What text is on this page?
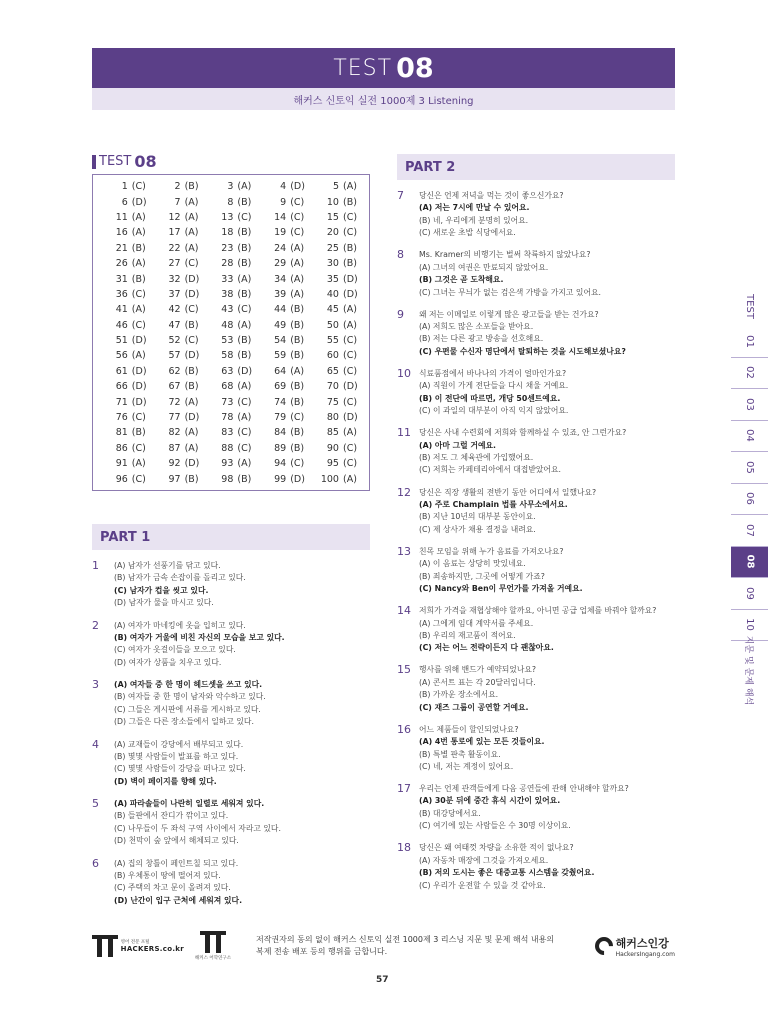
TEST 08
해커스 신토익 실전 1000제 3 Listening
TEST 08
1 (C)	2 (B)	3 (A)	4 (D)	5 (A)
6 (D)	7 (A)	8 (B)	9 (C)	10 (B)
11 (A)	12 (A)	13 (C)	14 (C)	15 (C)
16 (A)	17 (A)	18 (B)	19 (C)	20 (C)
21 (B)	22 (A)	23 (B)	24 (A)	25 (B)
26 (A)	27 (C)	28 (B)	29 (A)	30 (B)
31 (B)	32 (D)	33 (A)	34 (A)	35 (D)
36 (C)	37 (D)	38 (B)	39 (A)	40 (D)
41 (A)	42 (C)	43 (C)	44 (B)	45 (A)
46 (C)	47 (B)	48 (A)	49 (B)	50 (A)
51 (D)	52 (C)	53 (B)	54 (B)	55 (C)
56 (A)	57 (D)	58 (B)	59 (B)	60 (C)
61 (D)	62 (B)	63 (D)	64 (A)	65 (C)
66 (D)	67 (B)	68 (A)	69 (B)	70 (D)
71 (D)	72 (A)	73 (C)	74 (B)	75 (C)
76 (C)	77 (D)	78 (A)	79 (C)	80 (D)
81 (B)	82 (A)	83 (C)	84 (B)	85 (A)
86 (C)	87 (A)	88 (C)	89 (B)	90 (C)
91 (A)	92 (D)	93 (A)	94 (C)	95 (C)
96 (C)	97 (B)	98 (B)	99 (D)	100 (A)
PART 2
PART 1
1 (A) 남자가 선풍기를 닦고 있다.
(B) 남자가 금속 손잡이를 돌리고 있다.
(C) 남자가 컵을 씻고 있다.
(D) 남자가 물을 마시고 있다.
2 (A) 여자가 마네킹에 옷을 입히고 있다.
(B) 여자가 거울에 비친 자신의 모습을 보고 있다.
(C) 여자가 옷걸이들을 모으고 있다.
(D) 여자가 상품을 치우고 있다.
3 (A) 여자들 중 한 명이 헤드셋을 쓰고 있다.
(B) 여자들 중 한 명이 남자와 악수하고 있다.
(C) 그들은 게시판에 서류를 게시하고 있다.
(D) 그들은 다른 장소들에서 일하고 있다.
4 (A) 교재들이 강당에서 배부되고 있다.
(B) 몇몇 사람들이 발표를 하고 있다.
(C) 몇몇 사람들이 강당을 떠나고 있다.
(D) 벽이 페이지를 향해 있다.
5 (A) 파라솔들이 나란히 일렬로 세워져 있다.
(B) 들판에서 잔디가 깎이고 있다.
(C) 나무들이 두 좌석 구역 사이에서 자라고 있다.
(D) 천막이 숲 앞에서 해체되고 있다.
6 (A) 집의 창틀이 페인트칠 되고 있다.
(B) 우체통이 땅에 떨어져 있다.
(C) 주택의 차고 문이 올려져 있다.
(D) 난간이 입구 근처에 세워져 있다.
7 당신은 언제 저녁을 먹는 것이 좋으신가요?
(A) 저는 7시에 만날 수 있어요.
(B) 네, 우리에게 분명히 있어요.
(C) 새로운 초밥 식당에서요.
8 Ms. Kramer의 비행기는 벌써 착륙하지 않았나요?
(A) 그녀의 여권은 만료되지 않았어요.
(B) 그것은 곧 도착해요.
(C) 그녀는 무늬가 없는 검은색 가방을 가지고 있어요.
9 왜 저는 이메일로 이렇게 많은 광고들을 받는 건가요?
(A) 저희도 많은 소포들을 받아요.
(B) 저는 다른 광고 방송을 선호해요.
(C) 우편물 수신자 명단에서 탈퇴하는 것을 시도해보셨나요?
10 식료품점에서 바나나의 가격이 얼마인가요?
(A) 직원이 가게 전단들을 다시 채울 거예요.
(B) 이 전단에 따르면, 개당 50센트예요.
(C) 이 과일의 대부분이 아직 익지 않았어요.
11 당신은 사내 수련회에 저희와 함께하실 수 있죠, 안 그런가요?
(A) 아마 그럴 거예요.
(B) 저도 그 체육관에 가입했어요.
(C) 저희는 카페테리아에서 대접받았어요.
12 당신은 직장 생활의 전반기 동안 어디에서 일했나요?
(A) 주로 Champlain 법률 사무소에서요.
(B) 지난 10년의 대부분 동안이요.
(C) 제 상사가 채용 결정을 내려요.
13 친목 모임을 위해 누가 음료를 가져오나요?
(A) 이 음료는 상당히 맛있네요.
(B) 죄송하지만, 그곳에 어떻게 가죠?
(C) Nancy와 Ben이 무언가를 가져올 거예요.
14 저희가 가격을 재협상해야 할까요, 아니면 공급 업체를 바꿔야 할까요?
(A) 그에게 임대 계약서를 주세요.
(B) 우리의 재고품이 적어요.
(C) 저는 어느 전략이든지 다 괜찮아요.
15 행사를 위해 밴드가 예약되었나요?
(A) 콘서트 표는 각 20달러입니다.
(B) 가까운 장소에서요.
(C) 재즈 그룹이 공연할 거예요.
16 어느 제품들이 할인되었나요?
(A) 4번 통로에 있는 모든 것들이요.
(B) 특별 판촉 활동이요.
(C) 네, 저는 계정이 있어요.
17 우리는 언제 관객들에게 다음 공연들에 관해 안내해야 할까요?
(A) 30분 뒤에 중간 휴식 시간이 있어요.
(B) 대강당에서요.
(C) 여기에 있는 사람들은 수 30명 이상이요.
18 당신은 왜 여태껏 차량을 소유한 적이 없나요?
(A) 자동차 매장에 그것을 가져오세요.
(B) 저의 도시는 좋은 대중교통 시스템을 갖췄어요.
(C) 우리가 운전할 수 있을 것 같아요.
TEST
01
02
03
04
05
06
07
08
09
10
지문 및 문제 해석
영어 전문 포털
HACKERS.co.kr
해커스 어학연구소
저작권자의 동의 없이 해커스 신토익 실전 1000제 3 리스닝 지문 및 문제 해석 내용의
복제 전송 배포 등의 행위를 금합니다.
해커스인강
HackersIngang.com
57
